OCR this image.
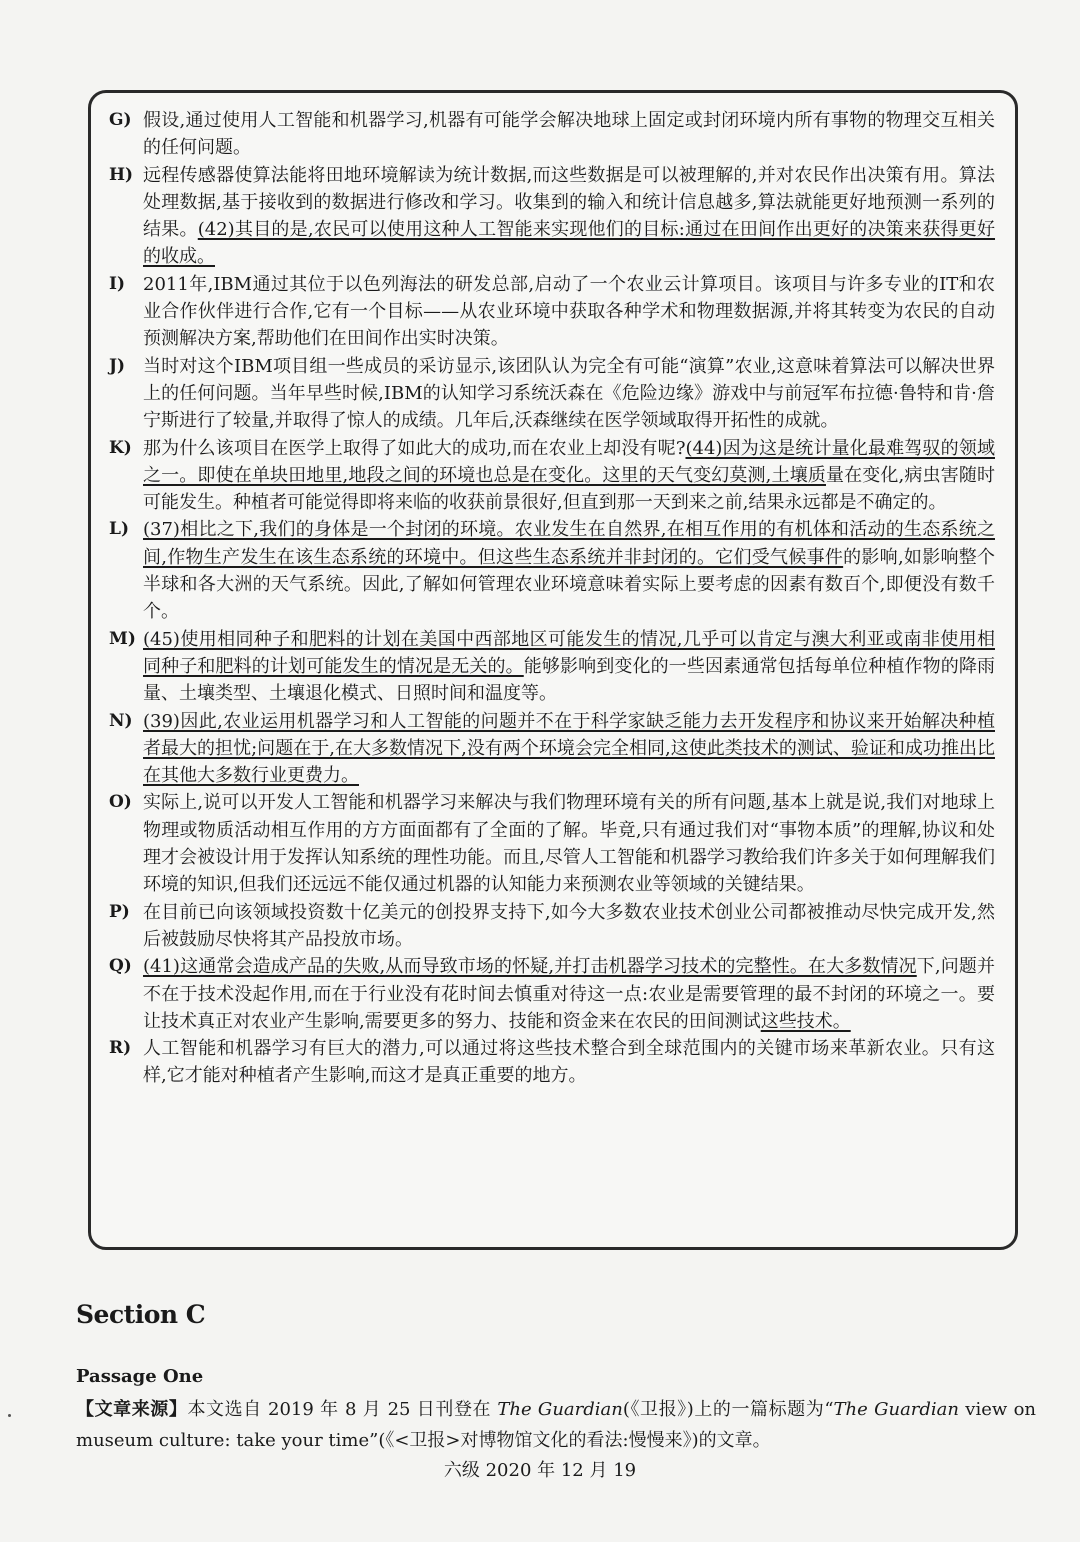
G) 假设,通过使用人工智能和机器学习,机器有可能学会解决地球上固定或封闭环境内所有事物的物理交互相关的任何问题。
H) 远程传感器使算法能将田地环境解读为统计数据,而这些数据是可以被理解的,并对农民作出决策有用。算法处理数据,基于接收到的数据进行修改和学习。收集到的输入和统计信息越多,算法就能更好地预测一系列的结果。(42)其目的是,农民可以使用这种人工智能来实现他们的目标:通过在田间作出更好的决策来获得更好的收成。
I)	2011年,IBM通过其位于以色列海法的研发总部,启动了一个农业云计算项目。该项目与许多专业的IT和农业合作伙伴进行合作,它有一个目标——从农业环境中获取各种学术和物理数据源,并将其转变为农民的自动预测解决方案,帮助他们在田间作出实时决策。
J) 当时对这个IBM项目组一些成员的采访显示,该团队认为完全有可能“演算”农业,这意味着算法可以解决世界上的任何问题。当年早些时候,IBM的认知学习系统沃森在《危险边缘》游戏中与前冠军布拉德·鲁特和肯·詹宁斯进行了较量,并取得了惊人的成绩。几年后,沃森继续在医学领域取得开拓性的成就。
K) 那为什么该项目在医学上取得了如此大的成功,而在农业上却没有呢?(44)因为这是统计量化最难驾驭的领域之一。即使在单块田地里,地段之间的环境也总是在变化。这里的天气变幻莫测,土壤质量在变化,病虫害随时可能发生。种植者可能觉得即将来临的收获前景很好,但直到那一天到来之前,结果永远都是不确定的。
L) (37)相比之下,我们的身体是一个封闭的环境。农业发生在自然界,在相互作用的有机体和活动的生态系统之间,作物生产发生在该生态系统的环境中。但这些生态系统并非封闭的。它们受气候事件的影响,如影响整个半球和各大洲的天气系统。因此,了解如何管理农业环境意味着实际上要考虑的因素有数百个,即便没有数千个。
M) (45)使用相同种子和肥料的计划在美国中西部地区可能发生的情况,几乎可以肯定与澳大利亚或南非使用相同种子和肥料的计划可能发生的情况是无关的。能够影响到变化的一些因素通常包括每单位种植作物的降雨量、土壤类型、土壤退化模式、日照时间和温度等。
N) (39)因此,农业运用机器学习和人工智能的问题并不在于科学家缺乏能力去开发程序和协议来开始解决种植者最大的担忧;问题在于,在大多数情况下,没有两个环境会完全相同,这使此类技术的测试、验证和成功推出比在其他大多数行业更费力。
O) 实际上,说可以开发人工智能和机器学习来解决与我们物理环境有关的所有问题,基本上就是说,我们对地球上物理或物质活动相互作用的方方面面都有了全面的了解。毕竟,只有通过我们对“事物本质”的理解,协议和处理才会被设计用于发挥认知系统的理性功能。而且,尽管人工智能和机器学习教给我们许多关于如何理解我们环境的知识,但我们还远远不能仅通过机器的认知能力来预测农业等领域的关键结果。
P) 在目前已向该领域投资数十亿美元的创投界支持下,如今大多数农业技术创业公司都被推动尽快完成开发,然后被鼓励尽快将其产品投放市场。
Q) (41)这通常会造成产品的失败,从而导致市场的怀疑,并打击机器学习技术的完整性。在大多数情况下,问题并不在于技术没起作用,而在于行业没有花时间去慎重对待这一点:农业是需要管理的最不封闭的环境之一。要让技术真正对农业产生影响,需要更多的努力、技能和资金来在农民的田间测试这些技术。
R) 人工智能和机器学习有巨大的潜力,可以通过将这些技术整合到全球范围内的关键市场来革新农业。只有这样,它才能对种植者产生影响,而这才是真正重要的地方。
Section C
Passage One

【文章来源】本文选自 2019 年 8 月 25 日刊登在 The Guardian(《卫报》)上的一篇标题为“The Guardian view on museum culture: take your time”(《<卫报>对博物馆文化的看法:慢慢来》)的文章。

六级 2020 年 12 月 19
